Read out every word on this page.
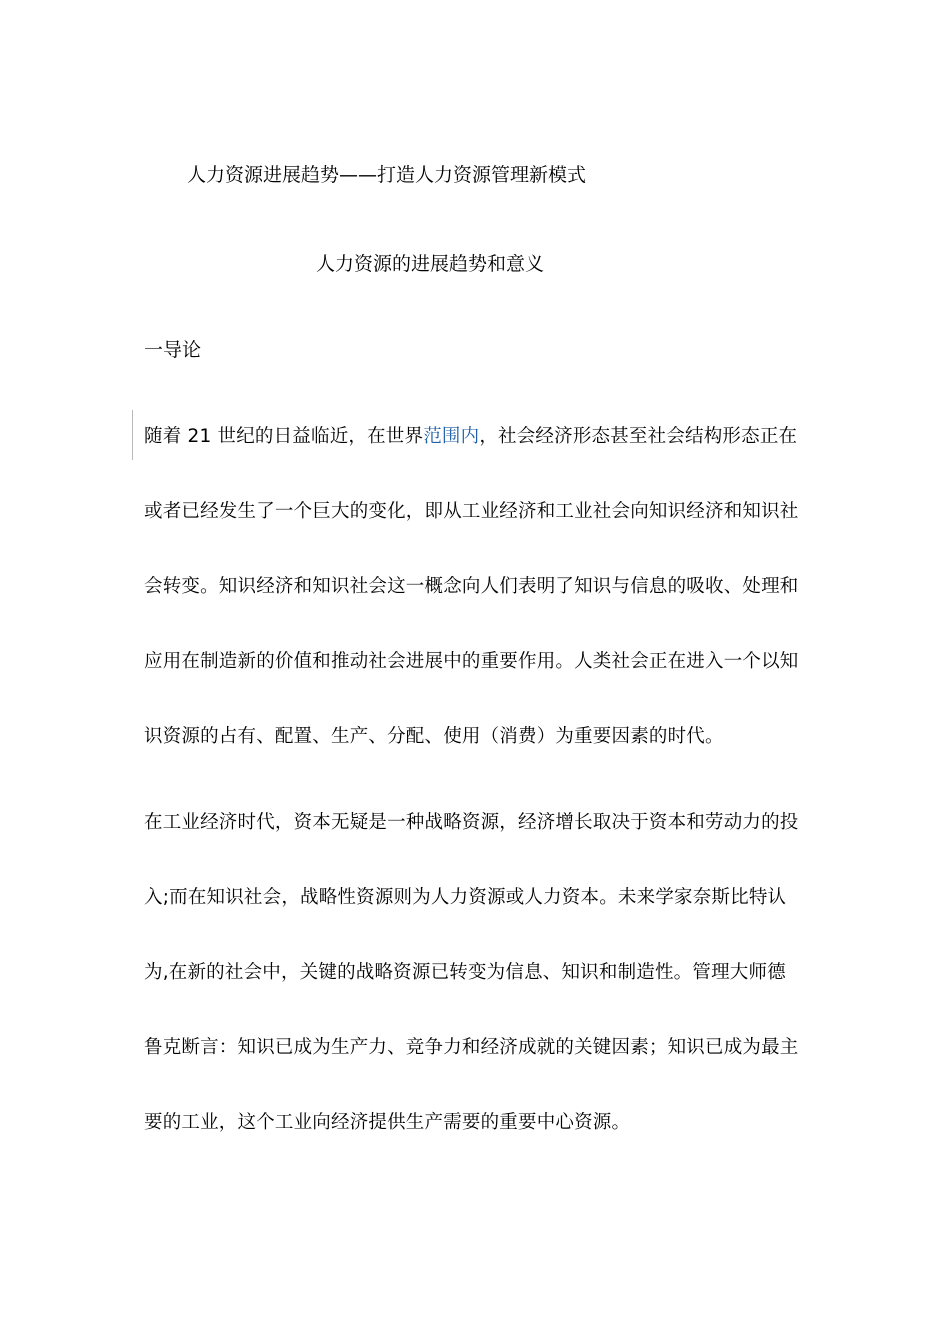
人力资源进展趋势——打造人力资源管理新模式
人力资源的进展趋势和意义
一导论
随着 21 世纪的日益临近，在世界范围内，社会经济形态甚至社会结构形态正在
或者已经发生了一个巨大的变化，即从工业经济和工业社会向知识经济和知识社
会转变。知识经济和知识社会这一概念向人们表明了知识与信息的吸收、处理和
应用在制造新的价值和推动社会进展中的重要作用。人类社会正在进入一个以知
识资源的占有、配置、生产、分配、使用（消费）为重要因素的时代。
在工业经济时代，资本无疑是一种战略资源，经济增长取决于资本和劳动力的投
入;而在知识社会，战略性资源则为人力资源或人力资本。未来学家奈斯比特认
为,在新的社会中，关键的战略资源已转变为信息、知识和制造性。管理大师德
鲁克断言：知识已成为生产力、竞争力和经济成就的关键因素；知识已成为最主
要的工业，这个工业向经济提供生产需要的重要中心资源。
